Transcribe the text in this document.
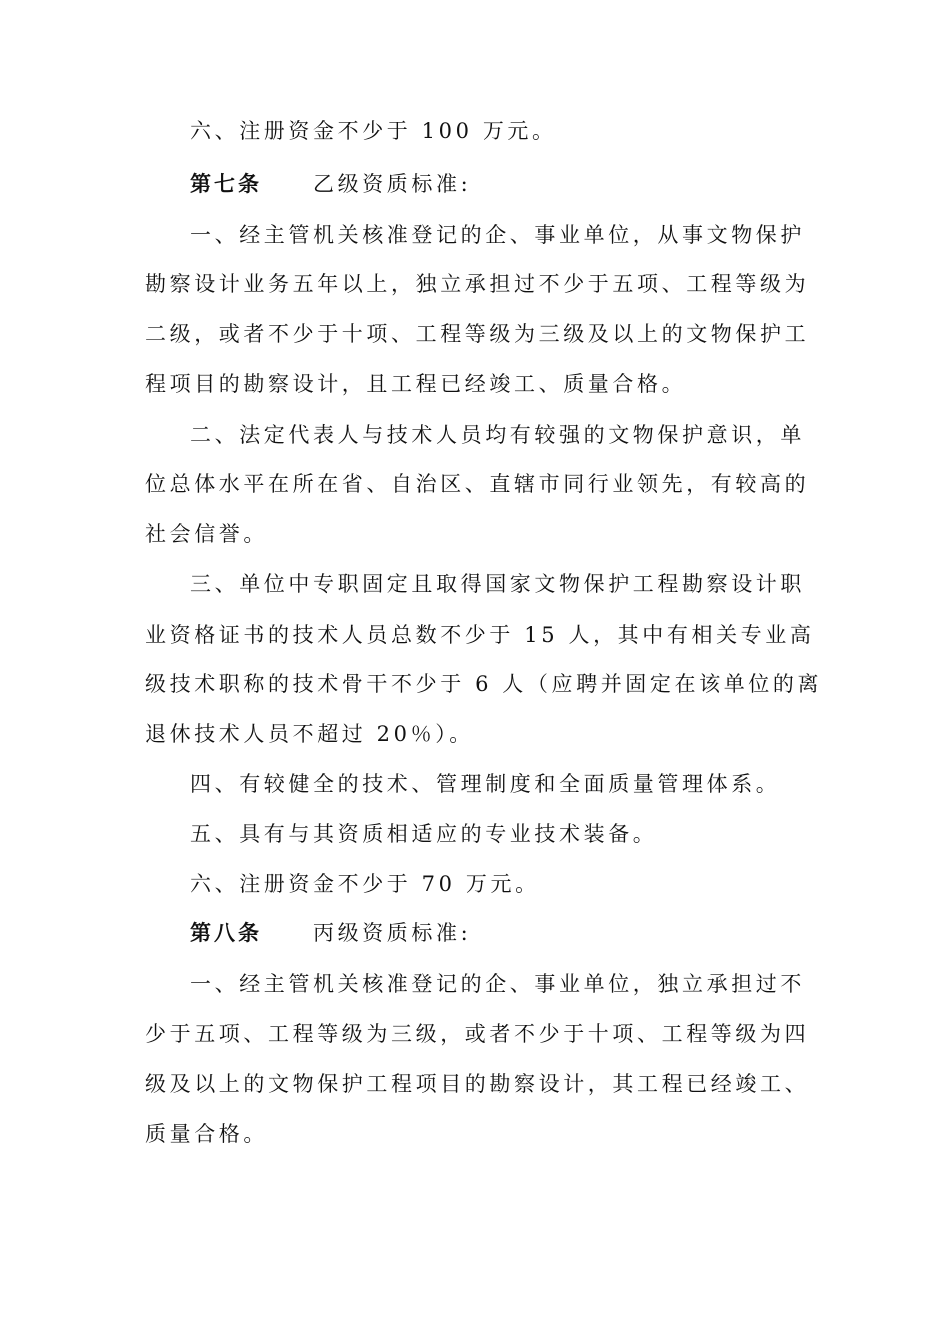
六、注册资金不少于 100 万元。
第七条 乙级资质标准:
一、经主管机关核准登记的企、事业单位，从事文物保护
勘察设计业务五年以上，独立承担过不少于五项、工程等级为
二级，或者不少于十项、工程等级为三级及以上的文物保护工
程项目的勘察设计，且工程已经竣工、质量合格。
二、法定代表人与技术人员均有较强的文物保护意识，单
位总体水平在所在省、自治区、直辖市同行业领先，有较高的
社会信誉。
三、单位中专职固定且取得国家文物保护工程勘察设计职
业资格证书的技术人员总数不少于 15 人，其中有相关专业高
级技术职称的技术骨干不少于 6 人（应聘并固定在该单位的离
退休技术人员不超过 20％）。
四、有较健全的技术、管理制度和全面质量管理体系。
五、具有与其资质相适应的专业技术装备。
六、注册资金不少于 70 万元。
第八条 丙级资质标准:
一、经主管机关核准登记的企、事业单位，独立承担过不
少于五项、工程等级为三级，或者不少于十项、工程等级为四
级及以上的文物保护工程项目的勘察设计，其工程已经竣工、
质量合格。
